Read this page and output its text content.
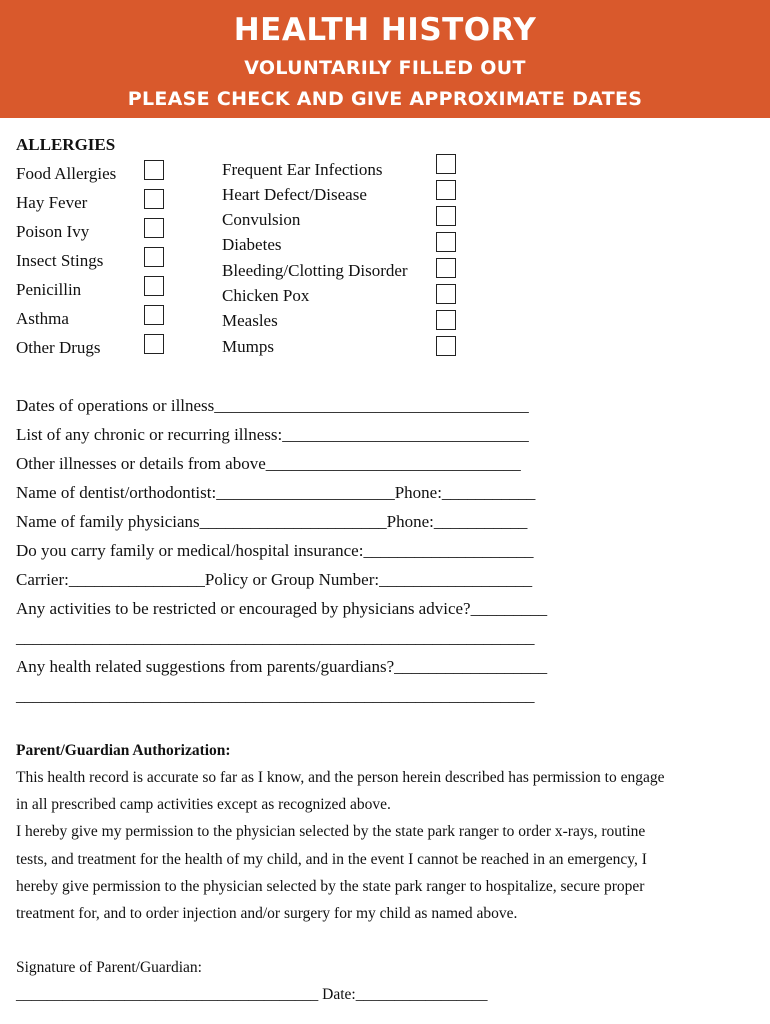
HEALTH HISTORY
VOLUNTARILY FILLED OUT
PLEASE CHECK AND GIVE APPROXIMATE DATES
ALLERGIES
Food Allergies
Hay Fever
Poison Ivy
Insect Stings
Penicillin
Asthma
Other Drugs
Frequent Ear Infections
Heart Defect/Disease
Convulsion
Diabetes
Bleeding/Clotting Disorder
Chicken Pox
Measles
Mumps
Dates of operations or illness_____________________________________
List of any chronic or recurring illness:_____________________________
Other illnesses or details from above______________________________
Name of dentist/orthodontist:_____________________Phone:___________
Name of family physicians______________________Phone:___________
Do you carry family or medical/hospital insurance:____________________
Carrier:________________Policy or Group Number:__________________
Any activities to be restricted or encouraged by physicians advice?_________
_____________________________________________________________
Any health related suggestions from parents/guardians?__________________
_____________________________________________________________
Parent/Guardian Authorization:
This health record is accurate so far as I know, and the person herein described has permission to engage
in all prescribed camp activities except as recognized above.
I hereby give my permission to the physician selected by the state park ranger to order x-rays, routine
tests, and treatment for the health of my child, and in the event I cannot be reached in an emergency, I
hereby give permission to the physician selected by the state park ranger to hospitalize, secure proper
treatment for, and to order injection and/or surgery for my child as named above.
Signature of Parent/Guardian:
_______________________________________ Date:_________________
